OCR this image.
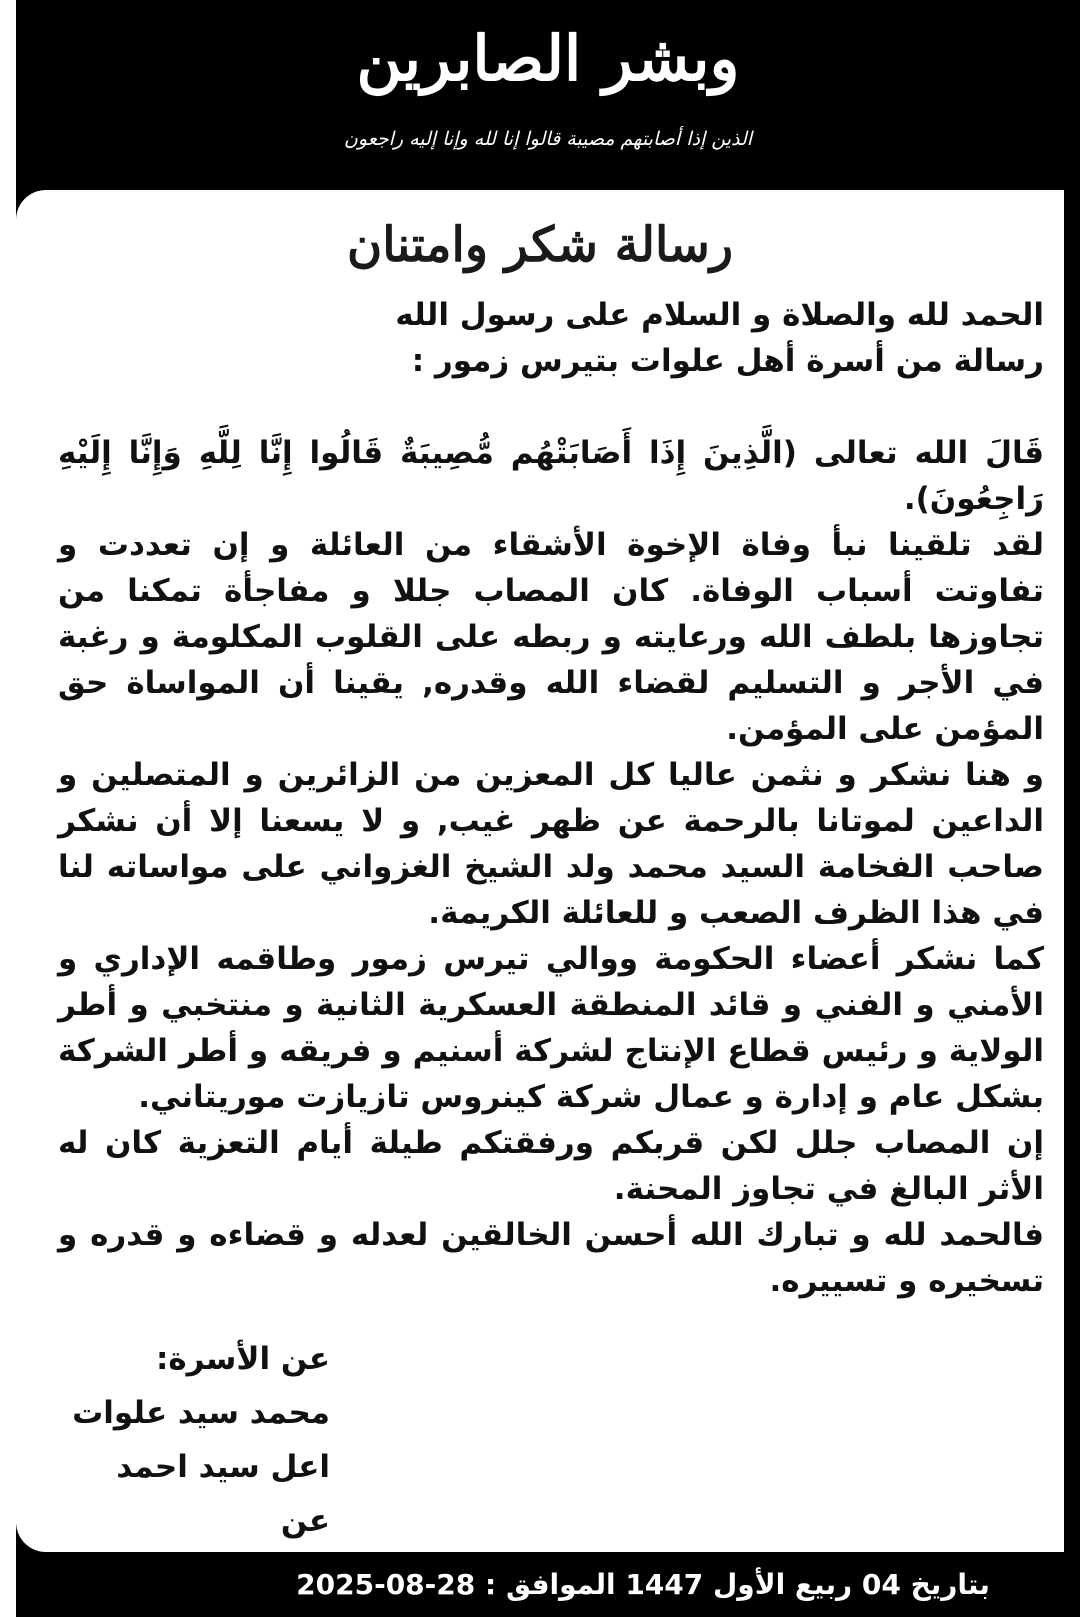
وبشر الصابرين
الذين إذا أصابتهم مصيبة قالوا إنا لله وإنا إليه راجعون
رسالة شكر وامتنان

الحمد لله والصلاة و السلام على رسول الله

رسالة من أسرة أهل علوات بتيرس زمور :

قَالَ الله تعالى (الَّذِينَ إِذَا أَصَابَتْهُم مُّصِيبَةٌ قَالُوا إِنَّا لِلَّهِ وَإِنَّا إِلَيْهِ رَاجِعُونَ).

لقد تلقينا نبأ وفاة الإخوة الأشقاء من العائلة و إن تعددت و تفاوتت أسباب الوفاة. كان المصاب جللا و مفاجأة تمكنا من تجاوزها بلطف الله ورعايته و ربطه على القلوب المكلومة و رغبة في الأجر و التسليم لقضاء الله وقدره, يقينا أن المواساة حق المؤمن على المؤمن.

و هنا نشكر و نثمن عاليا كل المعزين من الزائرين و المتصلين و الداعين لموتانا بالرحمة عن ظهر غيب, و لا يسعنا إلا أن نشكر صاحب الفخامة السيد محمد ولد الشيخ الغزواني على مواساته لنا في هذا الظرف الصعب و للعائلة الكريمة.

كما نشكر أعضاء الحكومة ووالي تيرس زمور وطاقمه الإداري و الأمني و الفني و قائد المنطقة العسكرية الثانية و منتخبي و أطر الولاية و رئيس قطاع الإنتاج لشركة أسنيم و فريقه و أطر الشركة بشكل عام و إدارة و عمال شركة كينروس تازيازت موريتاني.

إن المصاب جلل لكن قربكم ورفقتكم طيلة أيام التعزية كان له الأثر البالغ في تجاوز المحنة.

فالحمد لله و تبارك الله أحسن الخالقين لعدله و قضاءه و قدره و تسخيره و تسييره.

عن الأسرة:

محمد سيد علوات

اعل سيد احمد عن

بتاريخ 04 ربيع الأول 1447 الموافق : 28-08-2025
